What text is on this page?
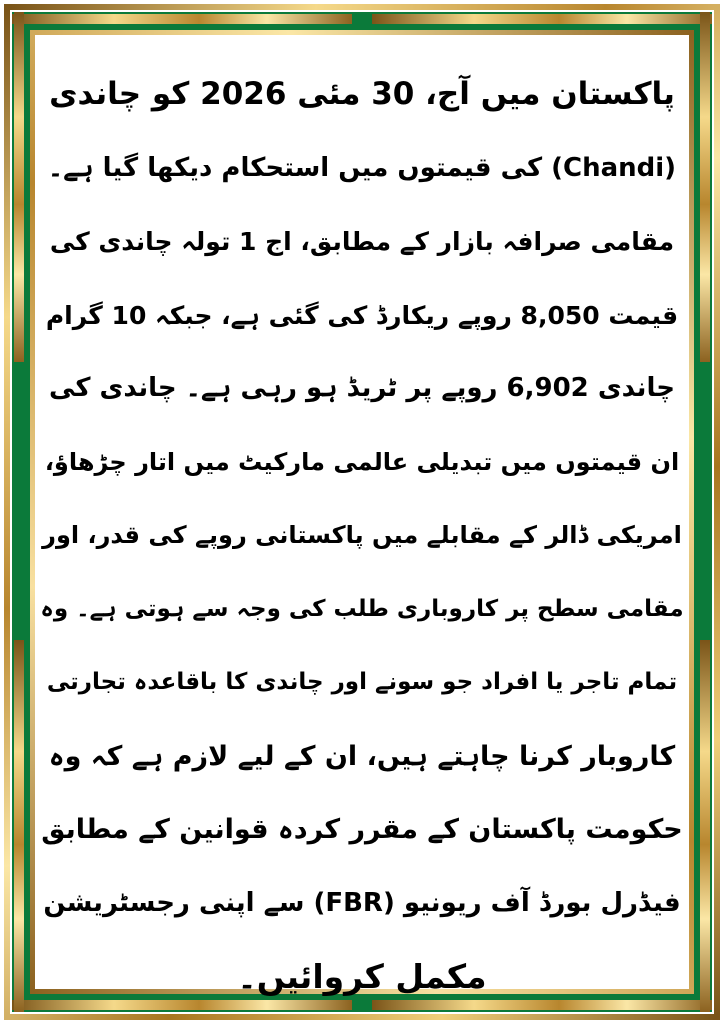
پاکستان میں آج، 30 مئی 2026 کو چاندی
(Chandi) کی قیمتوں میں استحکام دیکھا گیا ہے۔
مقامی صرافہ بازار کے مطابق، اج 1 تولہ چاندی کی
قیمت 8,050 روپے ریکارڈ کی گئی ہے، جبکہ 10 گرام
چاندی 6,902 روپے پر ٹریڈ ہو رہی ہے۔ چاندی کی
ان قیمتوں میں تبدیلی عالمی مارکیٹ میں اتار چڑھاؤ،
امریکی ڈالر کے مقابلے میں پاکستانی روپے کی قدر، اور
مقامی سطح پر کاروباری طلب کی وجہ سے ہوتی ہے۔ وہ
تمام تاجر یا افراد جو سونے اور چاندی کا باقاعدہ تجارتی
کاروبار کرنا چاہتے ہیں، ان کے لیے لازم ہے کہ وہ
حکومت پاکستان کے مقرر کردہ قوانین کے مطابق
فیڈرل بورڈ آف ریونیو (FBR) سے اپنی رجسٹریشن
مکمل کروائیں۔
